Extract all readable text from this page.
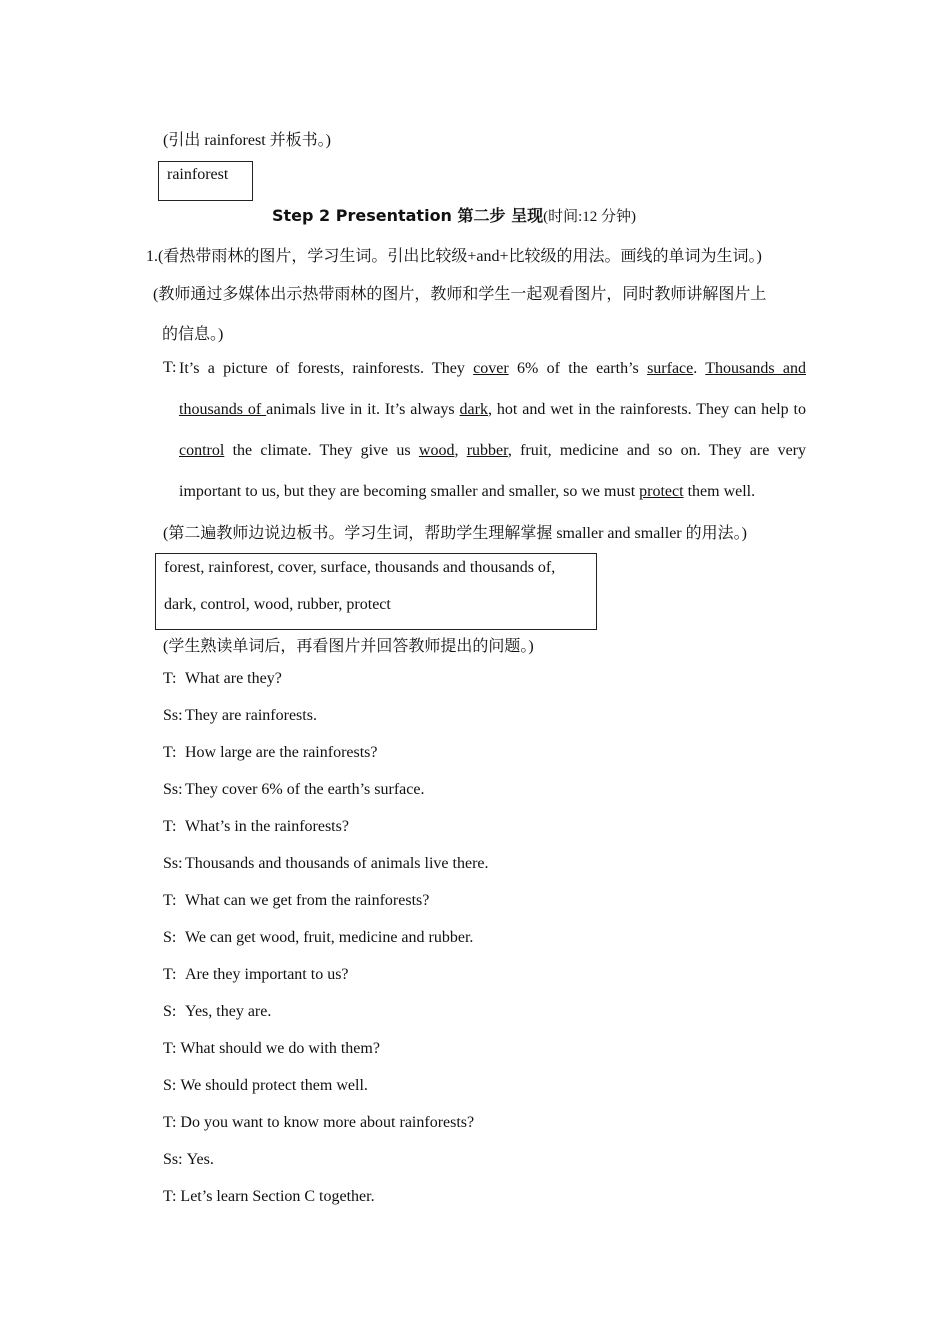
(引出 rainforest 并板书。)
rainforest
Step 2 Presentation 第二步 呈现(时间:12 分钟)
1.(看热带雨林的图片，学习生词。引出比较级+and+比较级的用法。画线的单词为生词。)
(教师通过多媒体出示热带雨林的图片，教师和学生一起观看图片，同时教师讲解图片上
的信息。)
T: It’s a picture of forests, rainforests. They cover 6% of the earth’s surface. Thousands and thousands of animals live in it. It’s always dark, hot and wet in the rainforests. They can help to control the climate. They give us wood, rubber, fruit, medicine and so on. They are very important to us, but they are becoming smaller and smaller, so we must protect them well.
(第二遍教师边说边板书。学习生词，帮助学生理解掌握 smaller and smaller 的用法。)
forest, rainforest, cover, surface, thousands and thousands of,
dark, control, wood, rubber, protect
(学生熟读单词后，再看图片并回答教师提出的问题。)
T: What are they?
Ss: They are rainforests.
T: How large are the rainforests?
Ss: They cover 6% of the earth’s surface.
T: What’s in the rainforests?
Ss: Thousands and thousands of animals live there.
T: What can we get from the rainforests?
S: We can get wood, fruit, medicine and rubber.
T: Are they important to us?
S: Yes, they are.
T: What should we do with them?
S: We should protect them well.
T: Do you want to know more about rainforests?
Ss: Yes.
T: Let’s learn Section C together.
